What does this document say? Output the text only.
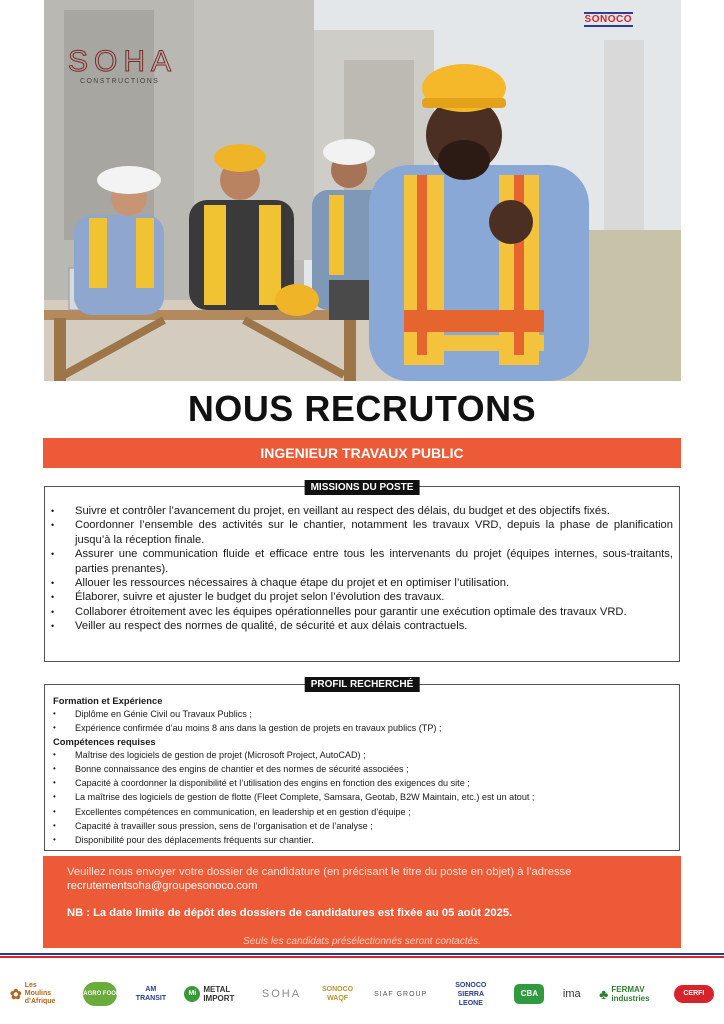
SOHA
CONSTRUCTIONS
SONOCO
NOUS RECRUTONS
INGENIEUR TRAVAUX PUBLIC
MISSIONS DU POSTE
• Suivre et contrôler l’avancement du projet, en veillant au respect des délais, du budget et des objectifs fixés.
• Coordonner l’ensemble des activités sur le chantier, notamment les travaux VRD, depuis la phase de planification jusqu’à la réception finale.
• Assurer une communication fluide et efficace entre tous les intervenants du projet (équipes internes, sous-traitants, parties prenantes).
• Allouer les ressources nécessaires à chaque étape du projet et en optimiser l’utilisation.
• Élaborer, suivre et ajuster le budget du projet selon l’évolution des travaux.
• Collaborer étroitement avec les équipes opérationnelles pour garantir une exécution optimale des travaux VRD.
• Veiller au respect des normes de qualité, de sécurité et aux délais contractuels.
PROFIL RECHERCHÉ
Formation et Expérience
• Diplôme en Génie Civil ou Travaux Publics ;
• Expérience confirmée d’au moins 8 ans dans la gestion de projets en travaux publics (TP) ;
Compétences requises
• Maîtrise des logiciels de gestion de projet (Microsoft Project, AutoCAD) ;
• Bonne connaissance des engins de chantier et des normes de sécurité associées ;
• Capacité à coordonner la disponibilité et l’utilisation des engins en fonction des exigences du site ;
• La maîtrise des logiciels de gestion de flotte (Fleet Complete, Samsara, Geotab, B2W Maintain, etc.) est un atout ;
• Excellentes compétences en communication, en leadership et en gestion d’équipe ;
• Capacité à travailler sous pression, sens de l’organisation et de l’analyse ;
• Disponibilité pour des déplacements fréquents sur chantier.
Veuillez nous envoyer votre dossier de candidature (en précisant le titre du poste en objet) à l’adresse
recrutementsoha@groupesonoco.com
NB : La date limite de dépôt des dossiers de candidatures est fixée au 05 août 2025.
Seuls les candidats présélectionnés seront contactés.
✿ Les Moulins d’Afrique
AGRO FOOD
AM TRANSIT
Mi METAL IMPORT	SOHA	SONOCO WAQF
SIAF GROUP
SONOCO SIERRA LEONE
CBA	ima ♣ FERMAV industries
CERFI
